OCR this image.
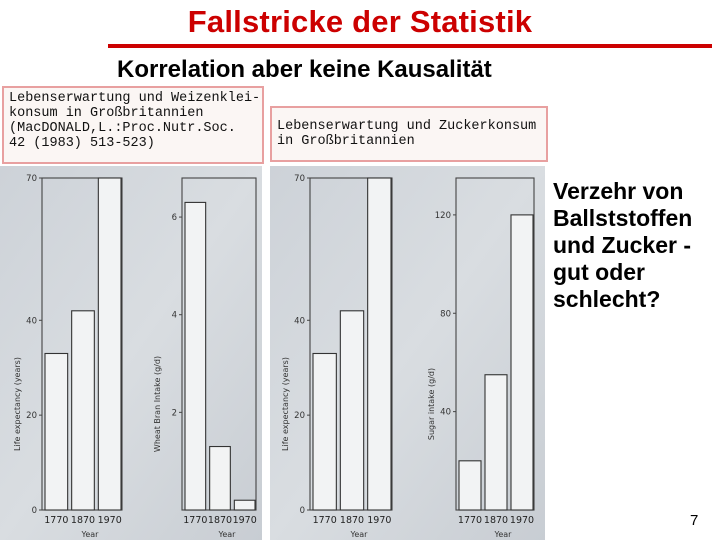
Fallstricke der Statistik
Korrelation aber keine Kausalität
Lebenserwartung und Weizenklei-
konsum in Großbritannien
(MacDONALD,L.:Proc.Nutr.Soc.
42 (1983) 513-523)
Lebenserwartung und Zuckerkonsum
in Großbritannien
0
20
40
70
1770 1870 1970
Life expectancy (years)
Year
2
4
6
1770 1870 1970
Wheat Bran Intake (g/d)
Year
0
20
40
70
1770 1870 1970
Life expectancy (years)
Year
40
80
120
1770 1870 1970
Sugar intake (g/d)
Year
Verzehr von
Ballststoffen
und Zucker -
gut oder
schlecht?
7
